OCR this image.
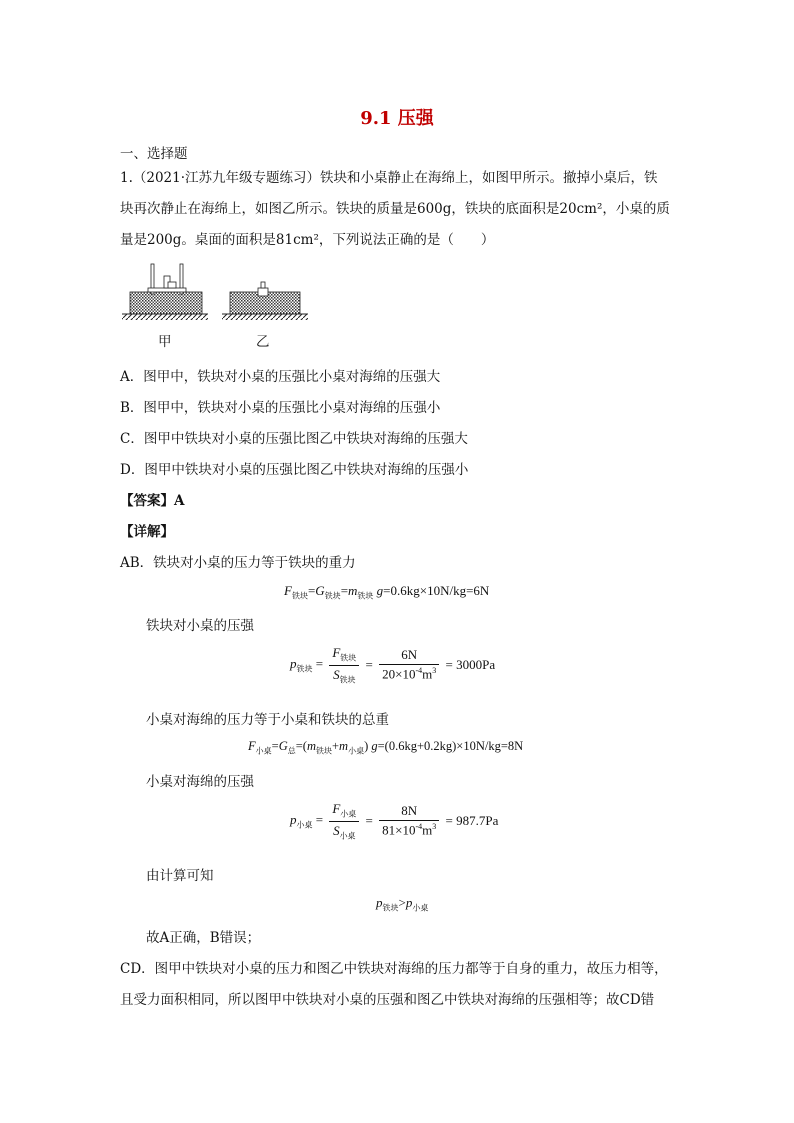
9.1 压强
一、选择题
1.（2021·江苏九年级专题练习）铁块和小桌静止在海绵上，如图甲所示。撤掉小桌后，铁
块再次静止在海绵上，如图乙所示。铁块的质量是600g，铁块的底面积是20cm²，小桌的质
量是200g。桌面的面积是81cm²，下列说法正确的是（　　）
甲	乙
A．图甲中，铁块对小桌的压强比小桌对海绵的压强大
B．图甲中，铁块对小桌的压强比小桌对海绵的压强小
C．图甲中铁块对小桌的压强比图乙中铁块对海绵的压强大
D．图甲中铁块对小桌的压强比图乙中铁块对海绵的压强小
【答案】A
【详解】
AB．铁块对小桌的压力等于铁块的重力
$F_{铁块}=G_{铁块}=m_{铁块}$ g=0.6kg×10N/kg=6N
铁块对小桌的压强
$p_{铁块} = \frac{F_{铁块}}{S_{铁块}} = \frac{6N}{20\times 10^{-4}m^3} = 3000Pa$
小桌对海绵的压力等于小桌和铁块的总重
$F_{小桌}=G_总=(m_{铁块}+m_{小桌})$ g=(0.6kg+0.2kg)×10N/kg=8N
小桌对海绵的压强
$p_{小桌} = \frac{F_{小桌}}{S_{小桌}} = \frac{8N}{81\times 10^{-4}m^3} = 987.7Pa$
由计算可知
$p_{铁块}>p_{小桌}$
故A正确，B错误；
CD．图甲中铁块对小桌的压力和图乙中铁块对海绵的压力都等于自身的重力，故压力相等，
且受力面积相同，所以图甲中铁块对小桌的压强和图乙中铁块对海绵的压强相等；故CD错
